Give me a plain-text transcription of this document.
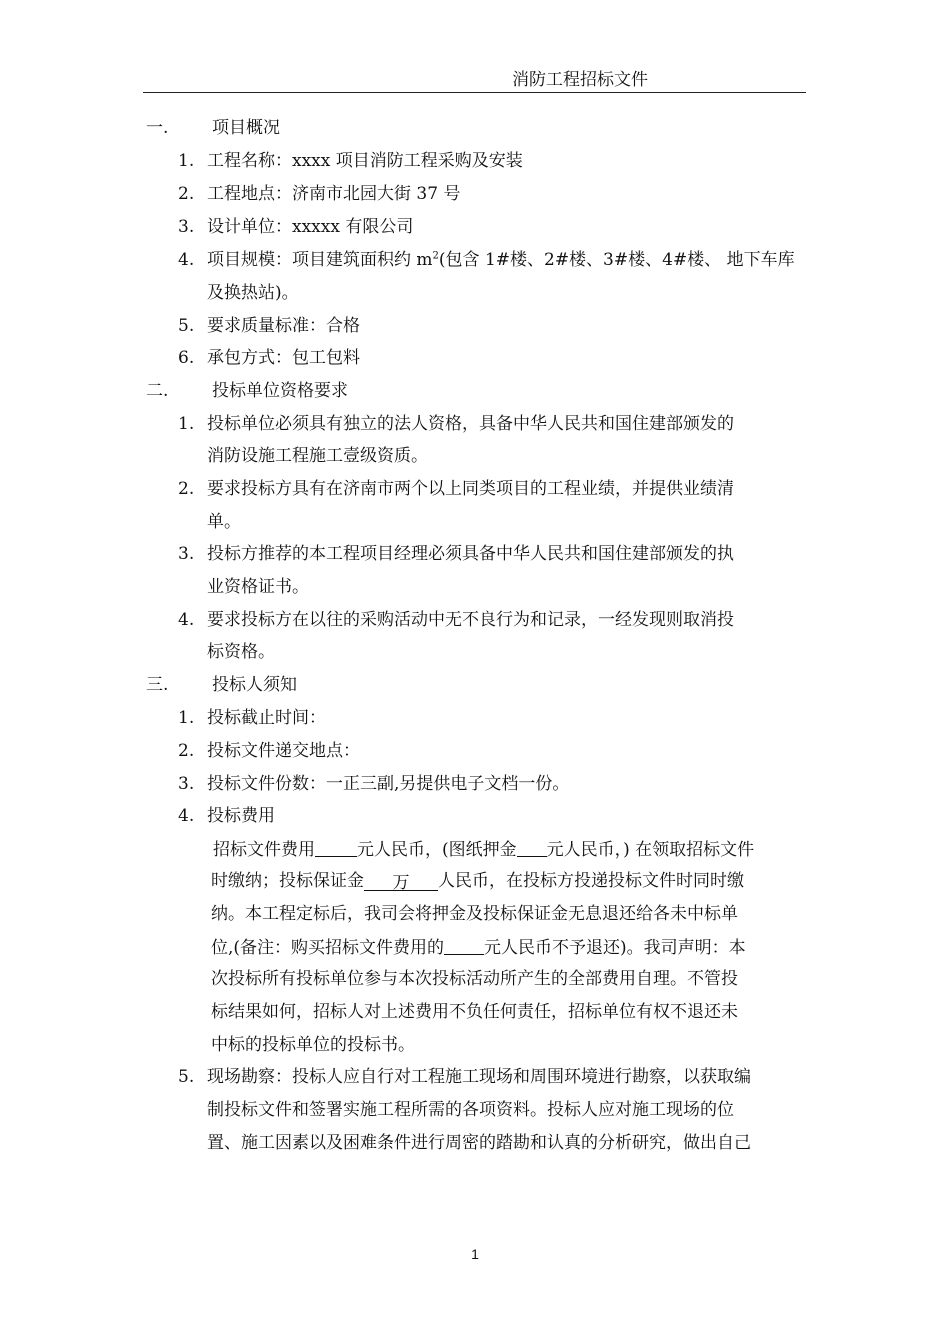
消防工程招标文件
一.	项目概况
1. 工程名称：xxxx 项目消防工程采购及安装
2. 工程地点：济南市北园大街 37 号
3. 设计单位：xxxxx 有限公司
4. 项目规模：项目建筑面积约 $m^2$(包含 1#楼、2#楼、3#楼、4#楼、 地下车库
及换热站)。
5. 要求质量标准：合格
6. 承包方式：包工包料
二.	投标单位资格要求
1. 投标单位必须具有独立的法人资格，具备中华人民共和国住建部颁发的
消防设施工程施工壹级资质。
2. 要求投标方具有在济南市两个以上同类项目的工程业绩，并提供业绩清
单。
3. 投标方推荐的本工程项目经理必须具备中华人民共和国住建部颁发的执
业资格证书。
4. 要求投标方在以往的采购活动中无不良行为和记录，一经发现则取消投
标资格。
三.	投标人须知
1. 投标截止时间：
2. 投标文件递交地点：
3. 投标文件份数：一正三副,另提供电子文档一份。
4. 投标费用
招标文件费用 元人民币，(图纸押金 元人民币，) 在领取招标文件
时缴纳；投标保证金 万 人民币，在投标方投递投标文件时同时缴
纳。本工程定标后，我司会将押金及投标保证金无息退还给各未中标单
位,(备注：购买招标文件费用的 元人民币不予退还)。我司声明：本
次投标所有投标单位参与本次投标活动所产生的全部费用自理。不管投
标结果如何，招标人对上述费用不负任何责任，招标单位有权不退还未
中标的投标单位的投标书。
5. 现场勘察：投标人应自行对工程施工现场和周围环境进行勘察，以获取编
制投标文件和签署实施工程所需的各项资料。投标人应对施工现场的位
置、施工因素以及困难条件进行周密的踏勘和认真的分析研究，做出自己
1
